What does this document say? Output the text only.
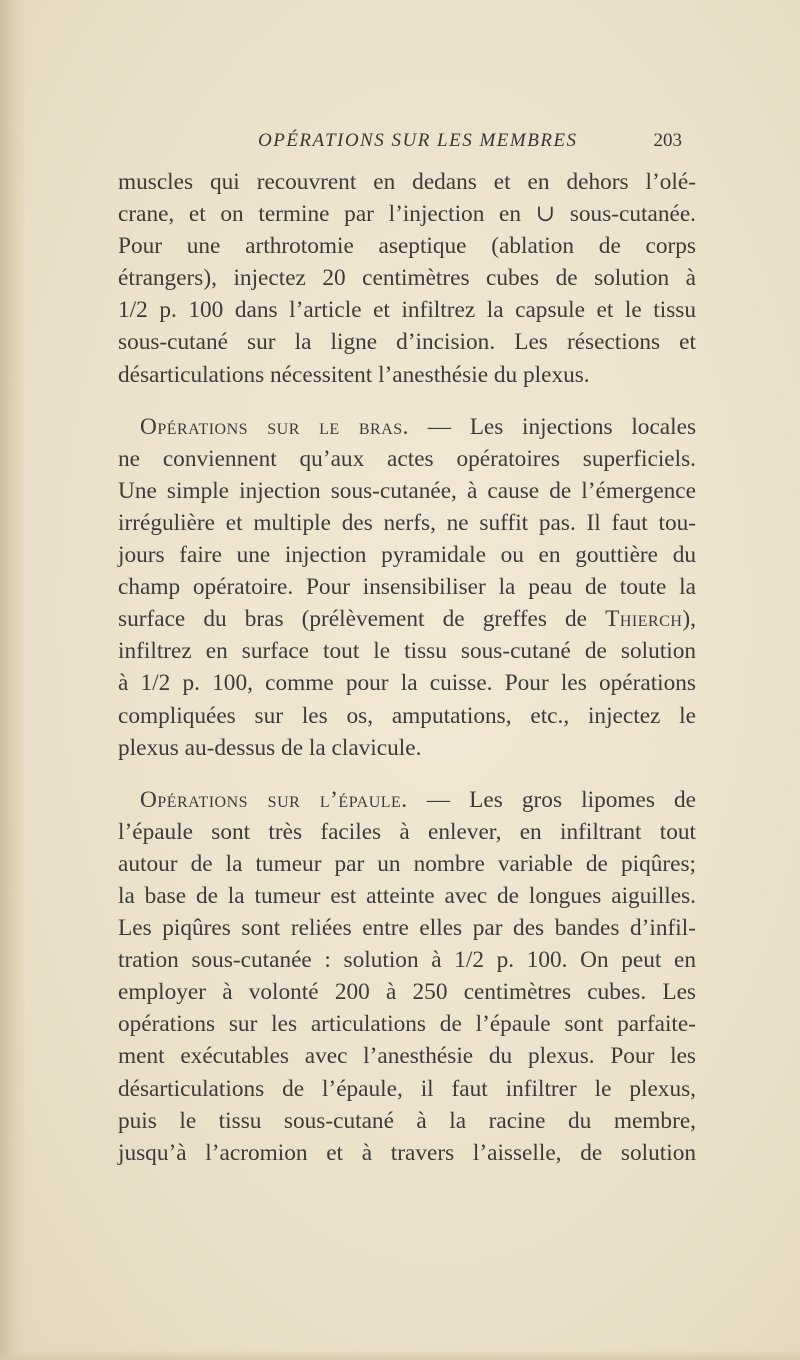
OPÉRATIONS SUR LES MEMBRES	203
muscles qui recouvrent en dedans et en dehors l’olé-
crane, et on termine par l’injection en ∪ sous-cutanée.
Pour une arthrotomie aseptique (ablation de corps
étrangers), injectez 20 centimètres cubes de solution à
1/2 p. 100 dans l’article et infiltrez la capsule et le tissu
sous-cutané sur la ligne d’incision. Les résections et
désarticulations nécessitent l’anesthésie du plexus.
Opérations sur le bras. — Les injections locales
ne conviennent qu’aux actes opératoires superficiels.
Une simple injection sous-cutanée, à cause de l’émergence
irrégulière et multiple des nerfs, ne suffit pas. Il faut tou-
jours faire une injection pyramidale ou en gouttière du
champ opératoire. Pour insensibiliser la peau de toute la
surface du bras (prélèvement de greffes de Thierch),
infiltrez en surface tout le tissu sous-cutané de solution
à 1/2 p. 100, comme pour la cuisse. Pour les opérations
compliquées sur les os, amputations, etc., injectez le
plexus au-dessus de la clavicule.
Opérations sur l’épaule. — Les gros lipomes de
l’épaule sont très faciles à enlever, en infiltrant tout
autour de la tumeur par un nombre variable de piqûres;
la base de la tumeur est atteinte avec de longues aiguilles.
Les piqûres sont reliées entre elles par des bandes d’infil-
tration sous-cutanée : solution à 1/2 p. 100. On peut en
employer à volonté 200 à 250 centimètres cubes. Les
opérations sur les articulations de l’épaule sont parfaite-
ment exécutables avec l’anesthésie du plexus. Pour les
désarticulations de l’épaule, il faut infiltrer le plexus,
puis le tissu sous-cutané à la racine du membre,
jusqu’à l’acromion et à travers l’aisselle, de solution
